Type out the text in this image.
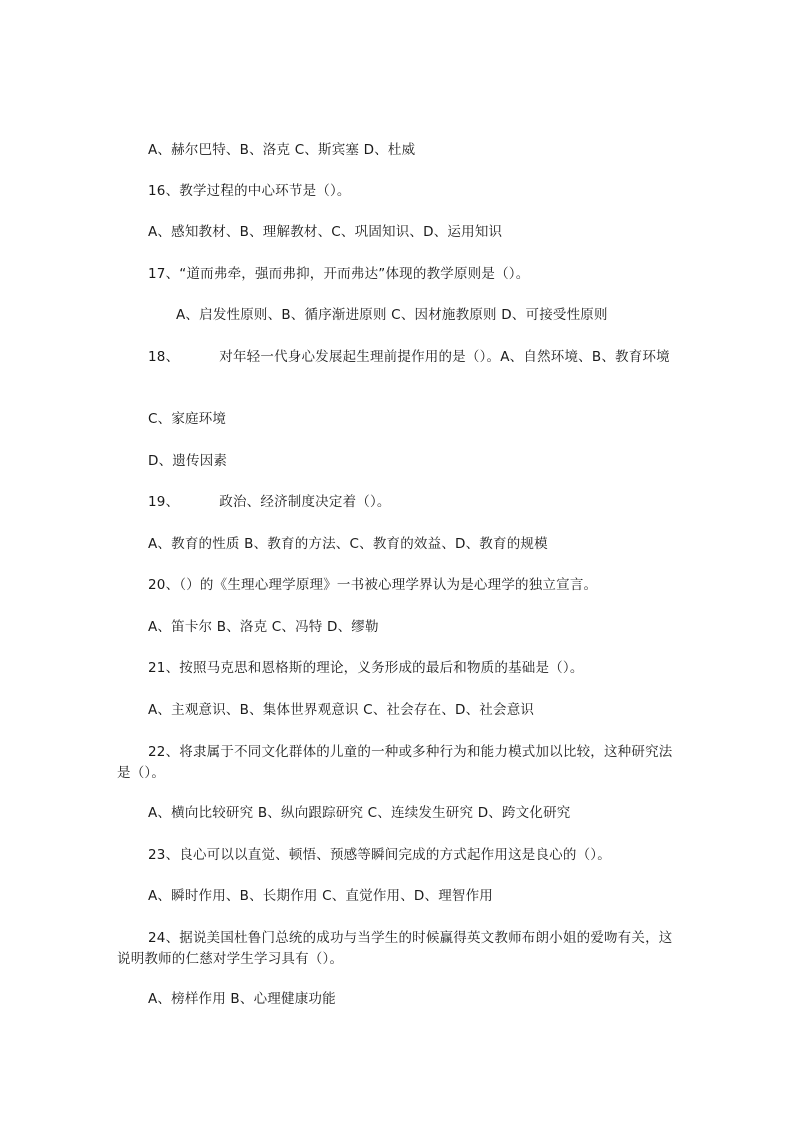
A、赫尔巴特、B、洛克 C、斯宾塞 D、杜威
16、教学过程的中心环节是（）。
A、感知教材、B、理解教材、C、巩固知识、D、运用知识
17、“道而弗牵，强而弗抑，开而弗达”体现的教学原则是（）。
A、启发性原则、B、循序渐进原则 C、因材施教原则 D、可接受性原则
18、	对年轻一代身心发展起生理前提作用的是（）。A、自然环境、B、教育环境
C、家庭环境
D、遗传因素
19、	政治、经济制度决定着（）。
A、教育的性质 B、教育的方法、C、教育的效益、D、教育的规模
20、（）的《生理心理学原理》一书被心理学界认为是心理学的独立宣言。
A、笛卡尔 B、洛克 C、冯特 D、缪勒
21、按照马克思和恩格斯的理论，义务形成的最后和物质的基础是（）。
A、主观意识、B、集体世界观意识 C、社会存在、D、社会意识
22、将隶属于不同文化群体的儿童的一种或多种行为和能力模式加以比较，这种研究法是（）。
A、横向比较研究 B、纵向跟踪研究 C、连续发生研究 D、跨文化研究
23、良心可以以直觉、顿悟、预感等瞬间完成的方式起作用这是良心的（）。
A、瞬时作用、B、长期作用 C、直觉作用、D、理智作用
24、据说美国杜鲁门总统的成功与当学生的时候赢得英文教师布朗小姐的爱吻有关，这说明教师的仁慈对学生学习具有（）。
A、榜样作用 B、心理健康功能
